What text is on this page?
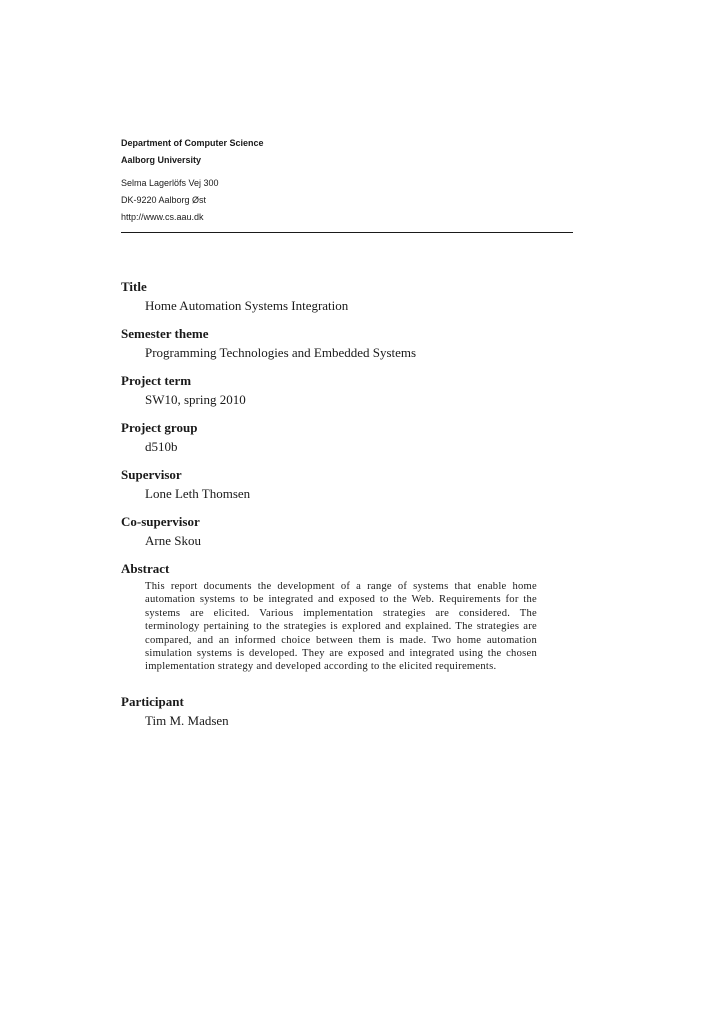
Department of Computer Science

Aalborg University

Selma Lagerlöfs Vej 300

DK-9220 Aalborg Øst

http://www.cs.aau.dk

Title

Home Automation Systems Integration

Semester theme

Programming Technologies and Embedded Systems

Project term

SW10, spring 2010

Project group

d510b

Supervisor

Lone Leth Thomsen

Co-supervisor

Arne Skou

Abstract

This report documents the development of a range of systems that enable home automation systems to be integrated and exposed to the Web. Requirements for the systems are elicited. Various implementation strategies are considered. The terminology pertaining to the strategies is explored and explained. The strategies are compared, and an informed choice between them is made. Two home automation simulation systems is developed. They are exposed and integrated using the chosen implementation strategy and developed according to the elicited requirements.

Participant

Tim M. Madsen
